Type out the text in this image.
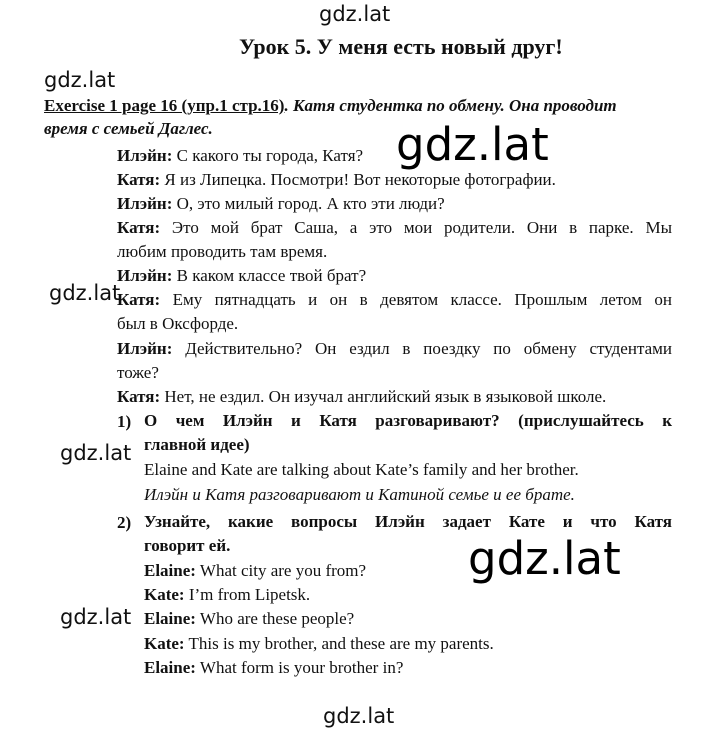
gdz.lat
gdz.lat
gdz.lat
gdz.lat
gdz.lat
gdz.lat
gdz.lat
gdz.lat
Урок 5. У меня есть новый друг!
Exercise 1 page 16 (упр.1 стр.16). Катя студентка по обмену. Она проводит
время с семьей Даглес.
Илэйн: С какого ты города, Катя?
Катя: Я из Липецка. Посмотри! Вот некоторые фотографии.
Илэйн: О, это милый город. А кто эти люди?
Катя: Это мой брат Саша, а это мои родители. Они в парке. Мы
любим проводить там время.
Илэйн: В каком классе твой брат?
Катя: Ему пятнадцать и он в девятом классе. Прошлым летом он
был в Оксфорде.
Илэйн: Действительно? Он ездил в поездку по обмену студентами
тоже?
Катя: Нет, не ездил. Он изучал английский язык в языковой школе.
1) О чем Илэйн и Катя разговаривают? (прислушайтесь к
главной идее)
Elaine and Kate are talking about Kate’s family and her brother.
Илэйн и Катя разговаривают и Катиной семье и ее брате.
2) Узнайте, какие вопросы Илэйн задает Кате и что Катя
говорит ей.
Elaine: What city are you from?
Kate: I’m from Lipetsk.
Elaine: Who are these people?
Kate: This is my brother, and these are my parents.
Elaine: What form is your brother in?
